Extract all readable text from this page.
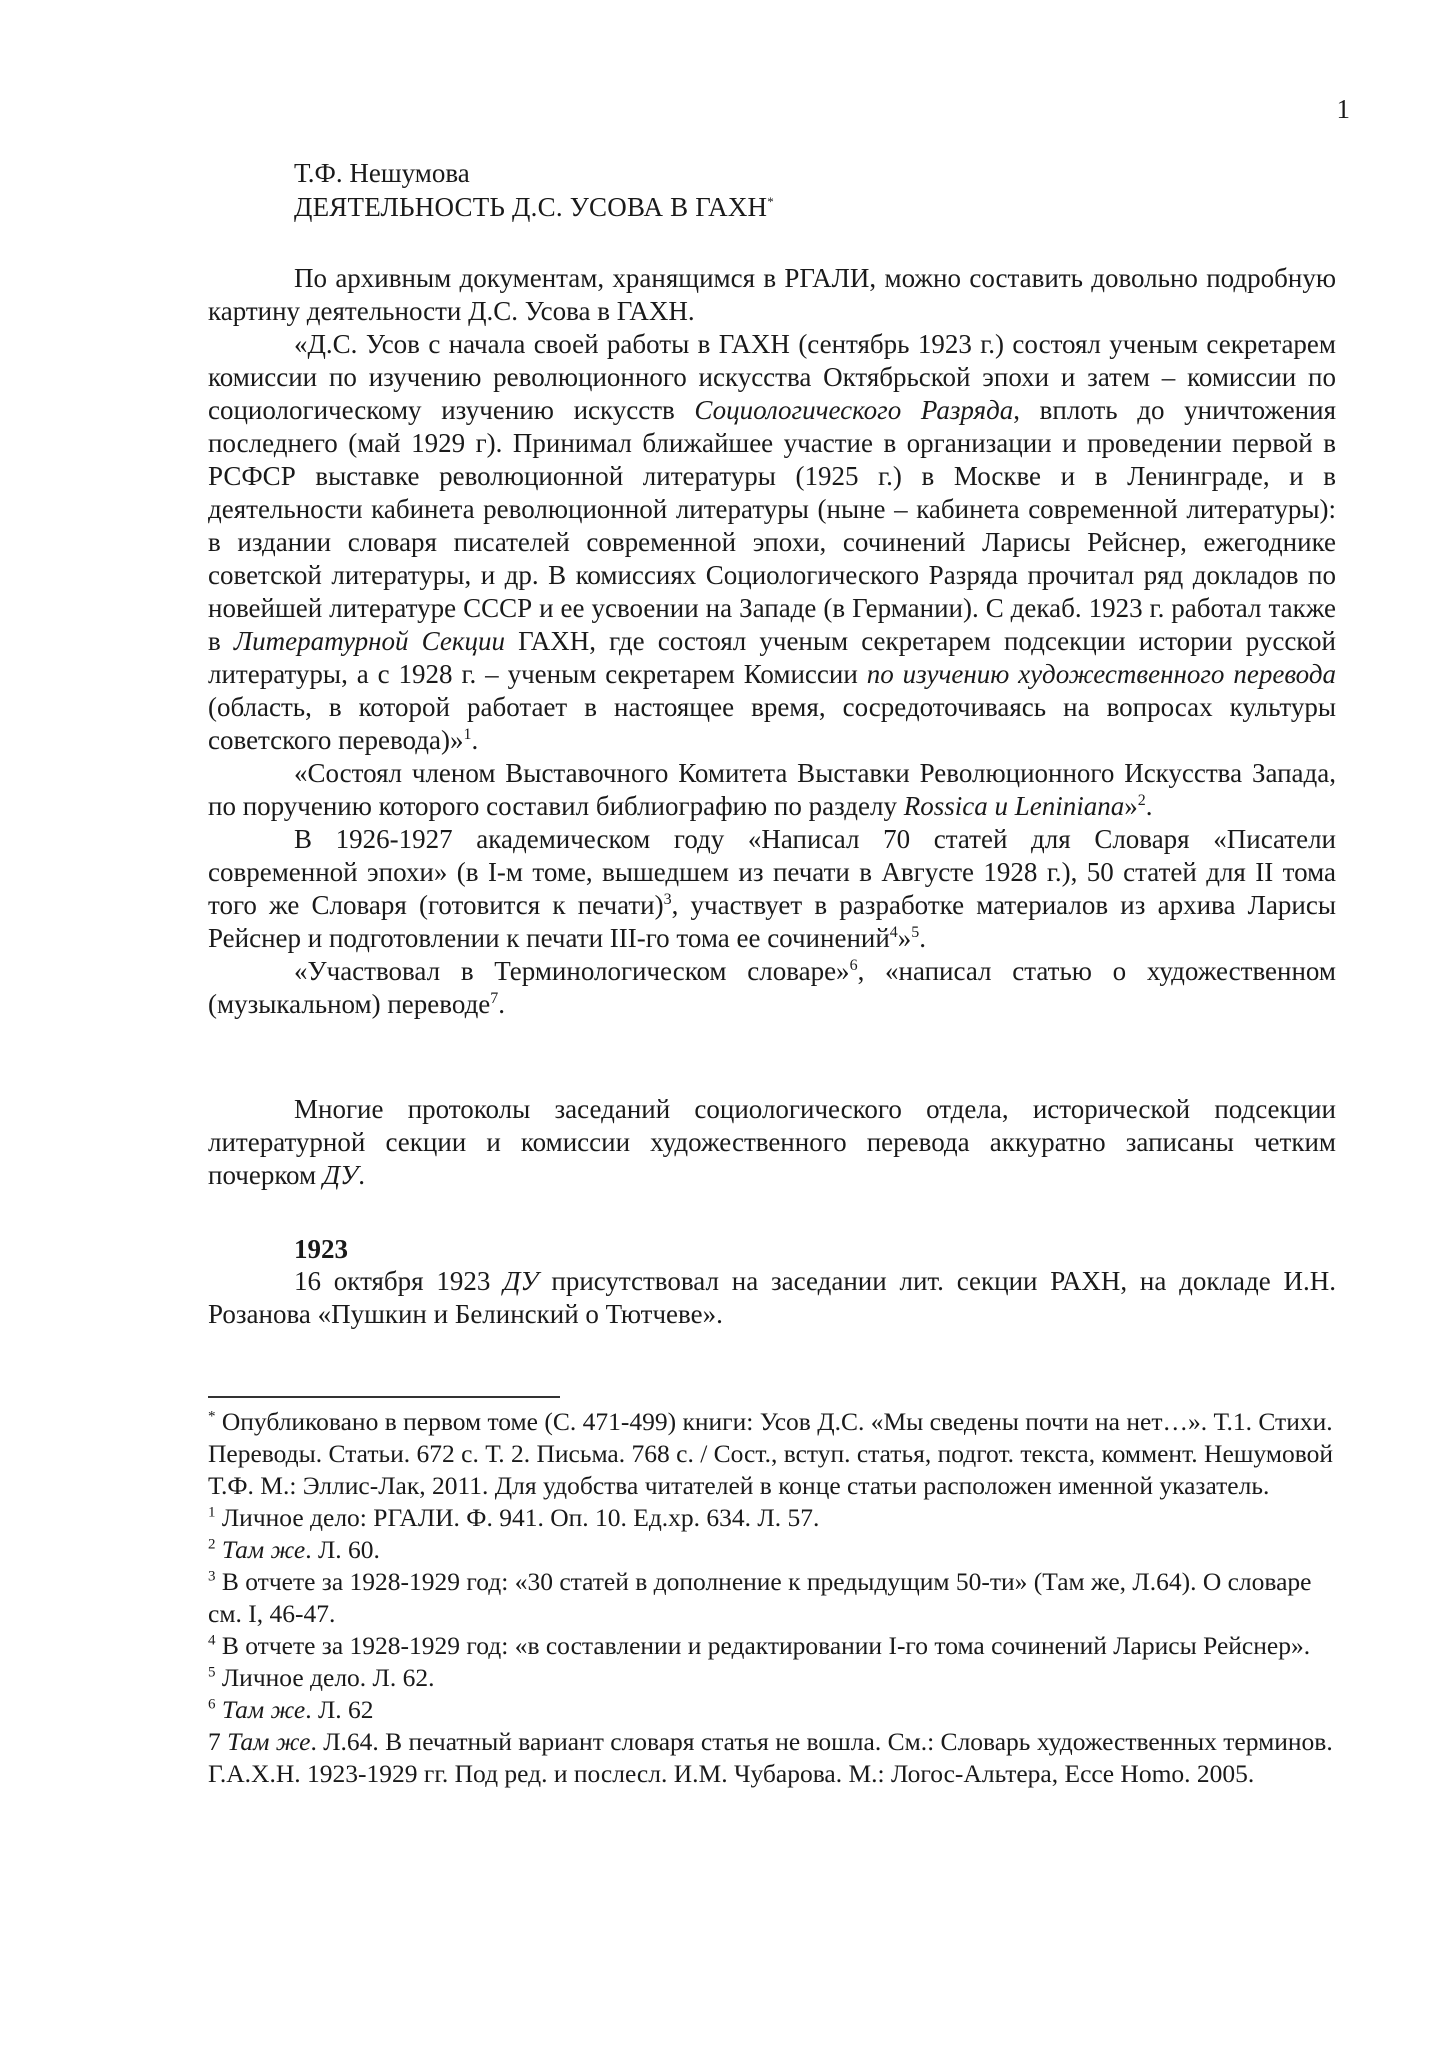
1
Т.Ф. Нешумова
ДЕЯТЕЛЬНОСТЬ Д.С. УСОВА В ГАХН*

По архивным документам, хранящимся в РГАЛИ, можно составить довольно подробную картину деятельности Д.С. Усова в ГАХН.

«Д.С. Усов с начала своей работы в ГАХН (сентябрь 1923 г.) состоял ученым секретарем комиссии по изучению революционного искусства Октябрьской эпохи и затем – комиссии по социологическому изучению искусств Социологического Разряда, вплоть до уничтожения последнего (май 1929 г). Принимал ближайшее участие в организации и проведении первой в РСФСР выставке революционной литературы (1925 г.) в Москве и в Ленинграде, и в деятельности кабинета революционной литературы (ныне – кабинета современной литературы): в издании словаря писателей современной эпохи, сочинений Ларисы Рейснер, ежегоднике советской литературы, и др. В комиссиях Социологического Разряда прочитал ряд докладов по новейшей литературе СССР и ее усвоении на Западе (в Германии). С декаб. 1923 г. работал также в Литературной Секции ГАХН, где состоял ученым секретарем подсекции истории русской литературы, а с 1928 г. – ученым секретарем Комиссии по изучению художественного перевода (область, в которой работает в настоящее время, сосредоточиваясь на вопросах культуры советского перевода)»$^1$.

«Состоял членом Выставочного Комитета Выставки Революционного Искусства Запада, по поручению которого составил библиографию по разделу Rossica и Leniniana»$^2$.

В 1926-1927 академическом году «Написал 70 статей для Словаря «Писатели современной эпохи» (в I-м томе, вышедшем из печати в Августе 1928 г.), 50 статей для II тома того же Словаря (готовится к печати)$^3$, участвует в разработке материалов из архива Ларисы Рейснер и подготовлении к печати III-го тома ее сочинений$^4$»$^5$.

«Участвовал в Терминологическом словаре»$^6$, «написал статью о художественном (музыкальном) переводе$^7$.

Многие протоколы заседаний социологического отдела, исторической подсекции литературной секции и комиссии художественного перевода аккуратно записаны четким почерком ДУ.

1923

16 октября 1923 ДУ присутствовал на заседании лит. секции РАХН, на докладе И.Н. Розанова «Пушкин и Белинский о Тютчеве».

* Опубликовано в первом томе (С. 471-499) книги: Усов Д.С. «Мы сведены почти на нет…». Т.1. Стихи. Переводы. Статьи. 672 с. Т. 2. Письма. 768 с. / Сост., вступ. статья, подгот. текста, коммент. Нешумовой Т.Ф. М.: Эллис-Лак, 2011. Для удобства читателей в конце статьи расположен именной указатель.

$^1$ Личное дело: РГАЛИ. Ф. 941. Оп. 10. Ед.хр. 634. Л. 57.

$^2$ Там же. Л. 60.

$^3$ В отчете за 1928-1929 год: «30 статей в дополнение к предыдущим 50-ти» (Там же, Л.64). О словаре см. I, 46-47.

$^4$ В отчете за 1928-1929 год: «в составлении и редактировании I-го тома сочинений Ларисы Рейснер».

$^5$ Личное дело. Л. 62.

$^6$ Там же. Л. 62

7 Там же. Л.64. В печатный вариант словаря статья не вошла. См.: Словарь художественных терминов. Г.А.Х.Н. 1923-1929 гг. Под ред. и послесл. И.М. Чубарова. М.: Логос-Альтера, Ecce Homo. 2005.
